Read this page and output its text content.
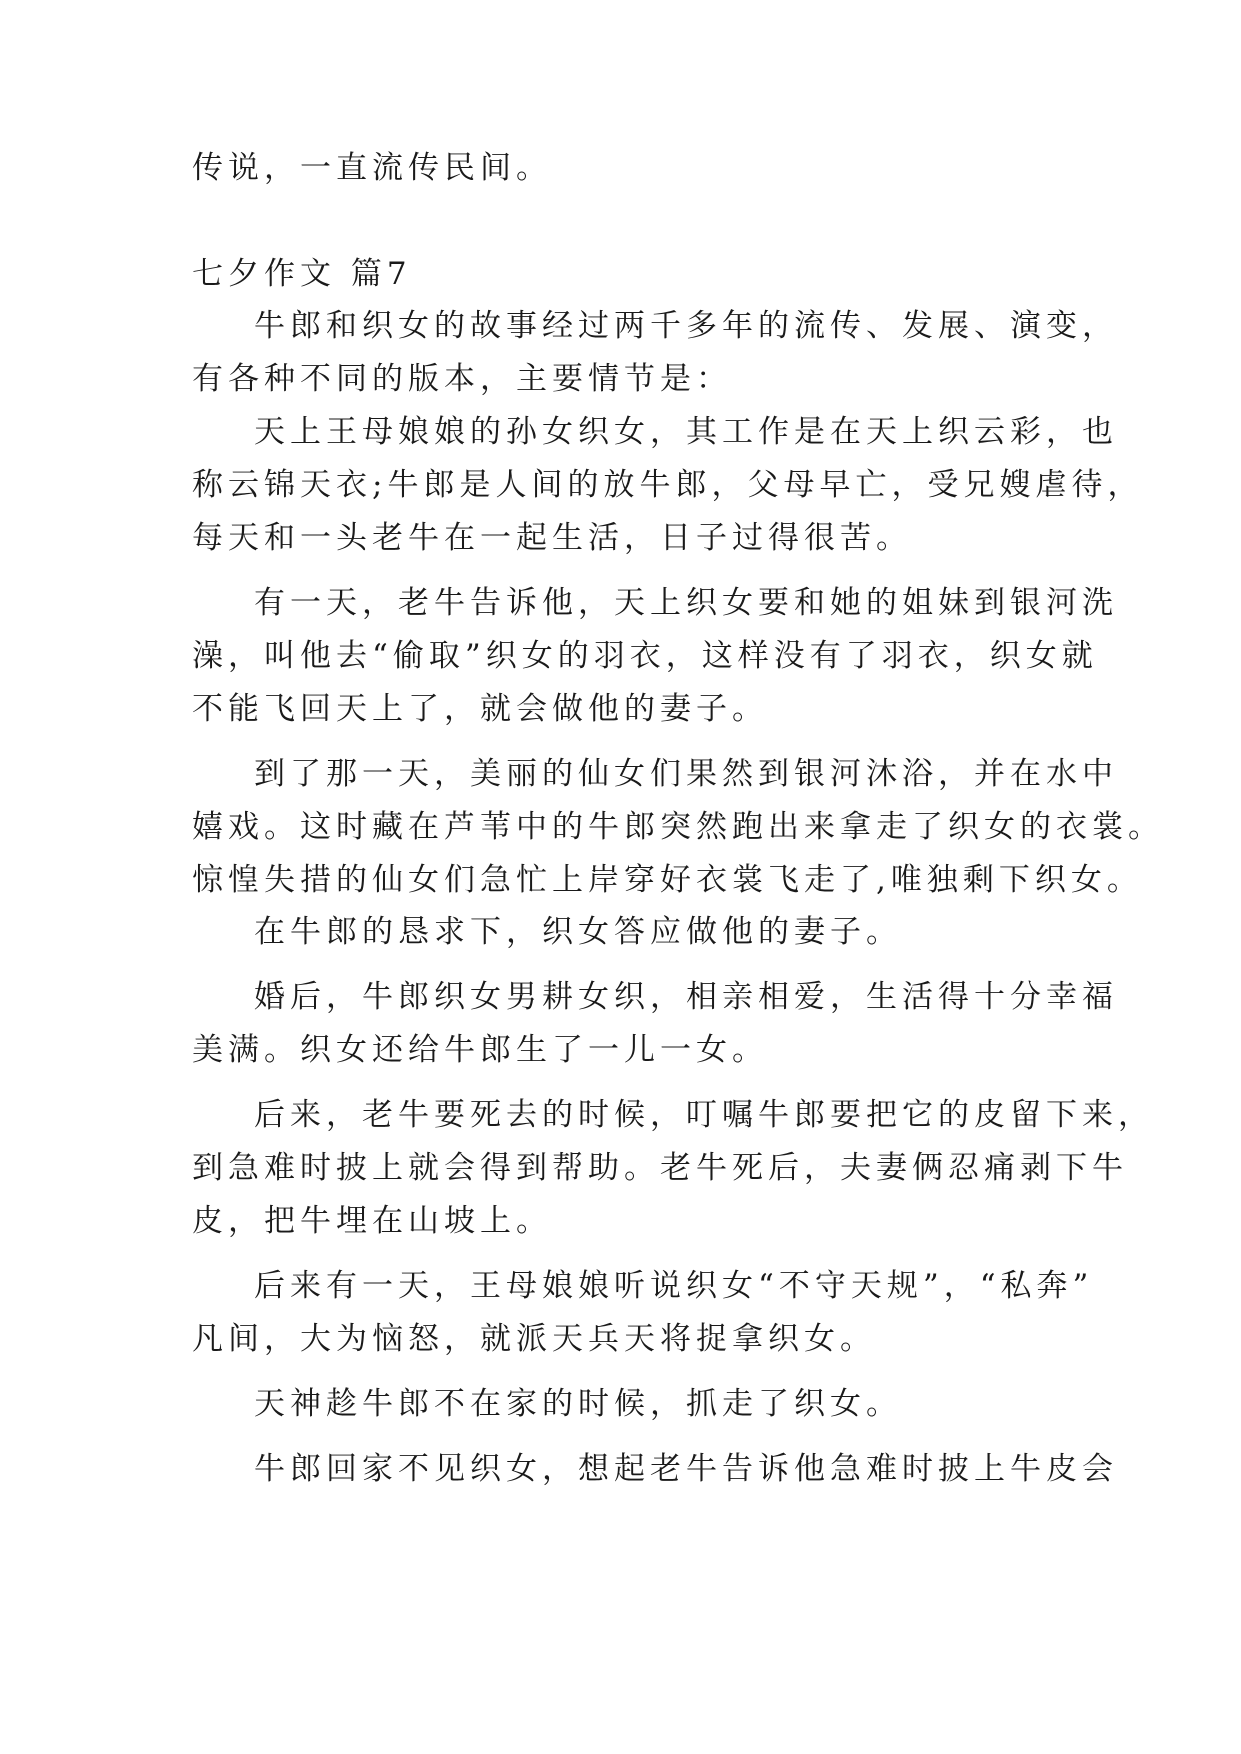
传说，一直流传民间。
七夕作文 篇7
牛郎和织女的故事经过两千多年的流传、发展、演变，
有各种不同的版本，主要情节是：
天上王母娘娘的孙女织女，其工作是在天上织云彩，也
称云锦天衣;牛郎是人间的放牛郎，父母早亡，受兄嫂虐待，
每天和一头老牛在一起生活，日子过得很苦。
有一天，老牛告诉他，天上织女要和她的姐妹到银河洗
澡，叫他去“偷取”织女的羽衣，这样没有了羽衣，织女就
不能飞回天上了，就会做他的妻子。
到了那一天，美丽的仙女们果然到银河沐浴，并在水中
嬉戏。这时藏在芦苇中的牛郎突然跑出来拿走了织女的衣裳。
惊惶失措的仙女们急忙上岸穿好衣裳飞走了,唯独剩下织女。
在牛郎的恳求下，织女答应做他的妻子。
婚后，牛郎织女男耕女织，相亲相爱，生活得十分幸福
美满。织女还给牛郎生了一儿一女。
后来，老牛要死去的时候，叮嘱牛郎要把它的皮留下来，
到急难时披上就会得到帮助。老牛死后，夫妻俩忍痛剥下牛
皮，把牛埋在山坡上。
后来有一天，王母娘娘听说织女“不守天规”，“私奔”
凡间，大为恼怒，就派天兵天将捉拿织女。
天神趁牛郎不在家的时候，抓走了织女。
牛郎回家不见织女，想起老牛告诉他急难时披上牛皮会
